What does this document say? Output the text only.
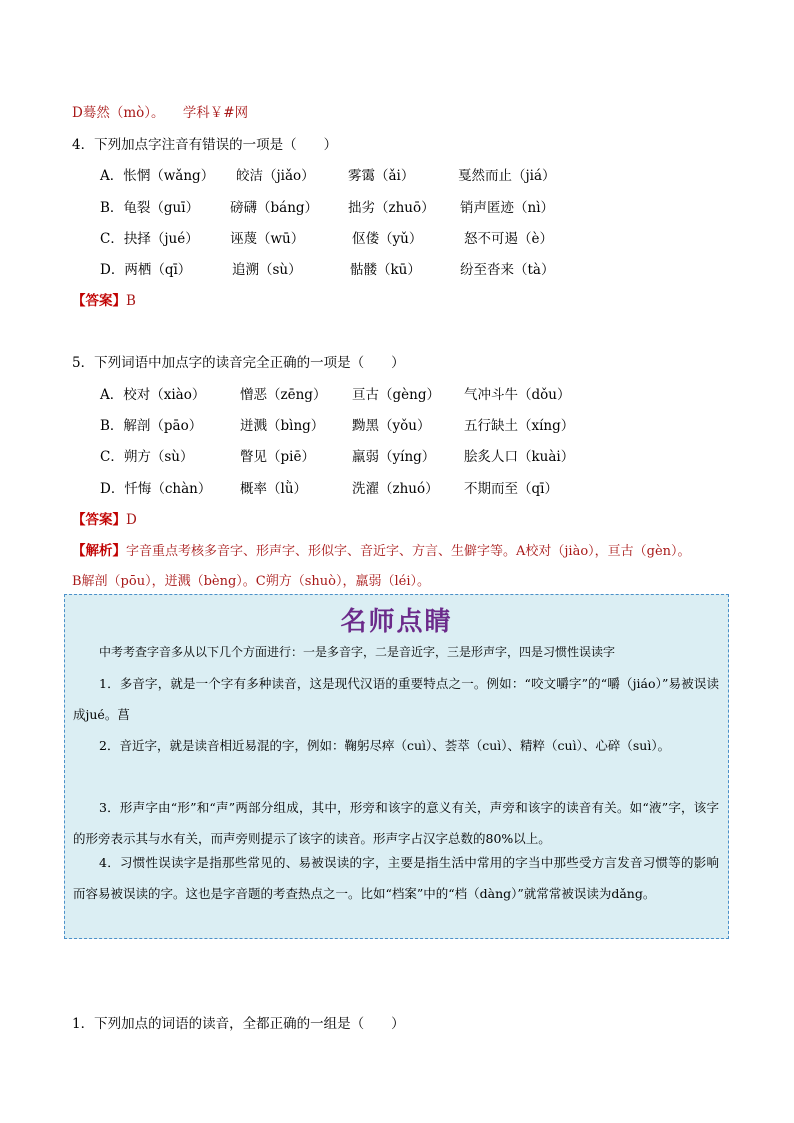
D蓦然（mò）。 学科￥#网
4．下列加点字注音有错误的一项是（　　）
A．怅惘（wǎng） 皎洁（jiǎo） 雾霭（ǎi）	戛然而止（jiá）
B．龟裂（guī） 磅礴（báng） 拙劣（zhuō） 销声匿迹（nì）
C．抉择（jué） 诬蔑（wū）	伛偻（yǔ）	怒不可遏（è）
D．两栖（qī）	追溯（sù）	骷髅（kū）	纷至沓来（tà）
【答案】B
5．下列词语中加点字的读音完全正确的一项是（　　）
A．校对（xiào）	憎恶（zēng） 亘古（gèng） 气冲斗牛（dǒu）
B．解剖（pāo）	迸溅（bìng） 黝黑（yǒu） 五行缺土（xíng）
C．朔方（sù）	瞥见（piē）	羸弱（yíng） 脍炙人口（kuài）
D．忏悔（chàn） 概率（lǜ）	洗濯（zhuó） 不期而至（qī）
【答案】D
【解析】字音重点考核多音字、形声字、形似字、音近字、方言、生僻字等。A校对（jiào），亘古（gèn）。
B解剖（pōu），迸溅（bèng）。C朔方（shuò），羸弱（léi）。
名师点睛

中考考查字音多从以下几个方面进行：一是多音字，二是音近字，三是形声字，四是习惯性误读字

1．多音字，就是一个字有多种读音，这是现代汉语的重要特点之一。例如：“咬文嚼字”的“嚼（jiáo）”易被误读成jué。菖

2．音近字，就是读音相近易混的字，例如：鞠躬尽瘁（cuì）、荟萃（cuì）、精粹（cuì）、心碎（suì）。

3．形声字由“形”和“声”两部分组成，其中，形旁和该字的意义有关，声旁和该字的读音有关。如“液”字，该字的形旁表示其与水有关，而声旁则提示了该字的读音。形声字占汉字总数的80%以上。

4．习惯性误读字是指那些常见的、易被误读的字，主要是指生活中常用的字当中那些受方言发音习惯等的影响而容易被误读的字。这也是字音题的考查热点之一。比如“档案”中的“档（dàng）”就常常被误读为dǎng。

1．下列加点的词语的读音，全都正确的一组是（　　）
